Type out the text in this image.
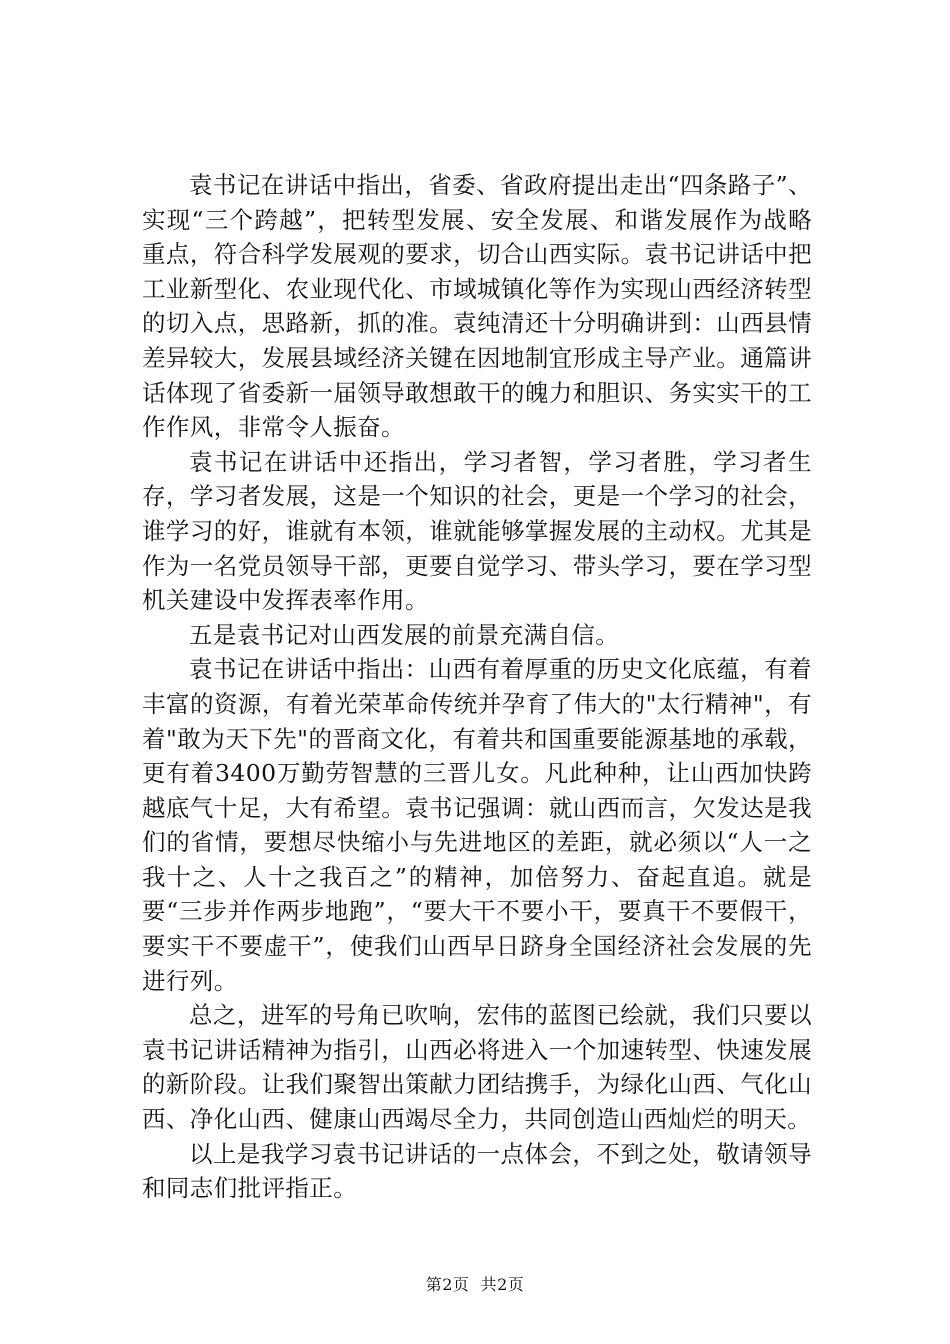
袁书记在讲话中指出，省委、省政府提出走出“四条路子”、实现“三个跨越”，把转型发展、安全发展、和谐发展作为战略重点，符合科学发展观的要求，切合山西实际。袁书记讲话中把工业新型化、农业现代化、市域城镇化等作为实现山西经济转型的切入点，思路新，抓的准。袁纯清还十分明确讲到：山西县情差异较大，发展县域经济关键在因地制宜形成主导产业。通篇讲话体现了省委新一届领导敢想敢干的魄力和胆识、务实实干的工作作风，非常令人振奋。

袁书记在讲话中还指出，学习者智，学习者胜，学习者生存，学习者发展，这是一个知识的社会，更是一个学习的社会，谁学习的好，谁就有本领，谁就能够掌握发展的主动权。尤其是作为一名党员领导干部，更要自觉学习、带头学习，要在学习型机关建设中发挥表率作用。

五是袁书记对山西发展的前景充满自信。

袁书记在讲话中指出：山西有着厚重的历史文化底蕴，有着丰富的资源，有着光荣革命传统并孕育了伟大的"太行精神"，有着"敢为天下先"的晋商文化，有着共和国重要能源基地的承载，更有着3400万勤劳智慧的三晋儿女。凡此种种，让山西加快跨越底气十足，大有希望。袁书记强调：就山西而言，欠发达是我们的省情，要想尽快缩小与先进地区的差距，就必须以“人一之我十之、人十之我百之”的精神，加倍努力、奋起直追。就是要“三步并作两步地跑”，“要大干不要小干，要真干不要假干，要实干不要虚干”，使我们山西早日跻身全国经济社会发展的先进行列。

总之，进军的号角已吹响，宏伟的蓝图已绘就，我们只要以袁书记讲话精神为指引，山西必将进入一个加速转型、快速发展的新阶段。让我们聚智出策献力团结携手，为绿化山西、气化山西、净化山西、健康山西竭尽全力，共同创造山西灿烂的明天。

以上是我学习袁书记讲话的一点体会，不到之处，敬请领导和同志们批评指正。

第2页  共2页
